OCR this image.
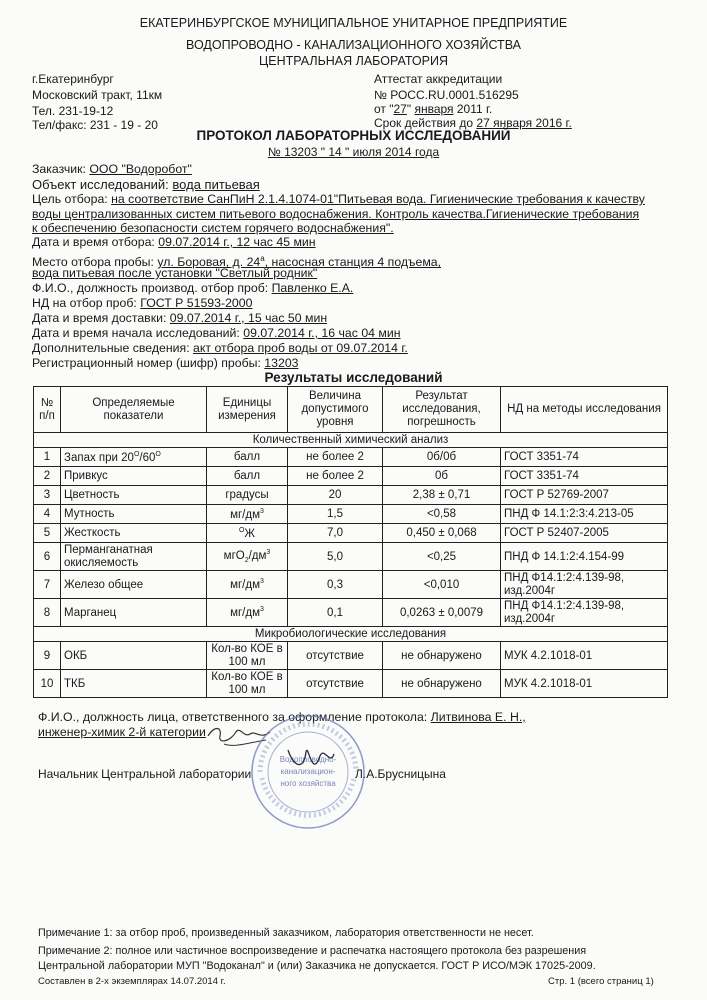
ЕКАТЕРИНБУРГСКОЕ МУНИЦИПАЛЬНОЕ УНИТАРНОЕ ПРЕДПРИЯТИЕ
ВОДОПРОВОДНО - КАНАЛИЗАЦИОННОГО ХОЗЯЙСТВА
ЦЕНТРАЛЬНАЯ ЛАБОРАТОРИЯ
г.Екатеринбург
Московский тракт, 11км
Тел. 231-19-12
Тел/факс: 231 - 19 - 20
Аттестат аккредитации
№ РОСС.RU.0001.516295
от "27" января 2011 г.
Срок действия до 27 января 2016 г.
ПРОТОКОЛ ЛАБОРАТОРНЫХ ИССЛЕДОВАНИЙ
№ 13203 " 14 " июля 2014 года
Заказчик: ООО "Водоробот"
Объект исследований: вода питьевая
Цель отбора: на соответствие СанПиН 2.1.4.1074-01"Питьевая вода. Гигиенические требования к качеству
воды централизованных систем питьевого водоснабжения. Контроль качества.Гигиенические требования
к обеспечению безопасности систем горячего водоснабжения".
Дата и время отбора: 09.07.2014 г., 12 час 45 мин
Место отбора пробы: ул. Боровая, д. $24^а$, насосная станция 4 подъема,
вода питьевая после установки "Светлый родник"
Ф.И.О., должность производ. отбор проб: Павленко Е.А.
НД на отбор проб: ГОСТ Р 51593-2000
Дата и время доставки: 09.07.2014 г., 15 час 50 мин
Дата и время начала исследований: 09.07.2014 г., 16 час 04 мин
Дополнительные сведения: акт отбора проб воды от 09.07.2014 г.
Регистрационный номер (шифр) пробы: 13203
Результаты исследований
№ п/п	Определяемые показатели	Единицы измерения	Величина допустимого уровня	Результат исследования, погрешность	НД на методы исследования
Количественный химический анализ					
1	Запах при $20^О/60^О$	балл	не более 2	0б/0б	ГОСТ 3351-74
2	Привкус	балл	не более 2	0б	ГОСТ 3351-74
3	Цветность	градусы	20	2,38 ± 0,71	ГОСТ Р 52769-2007
4	Мутность	$мг/дм^3$	1,5	<0,58	ПНД Ф 14.1:2:3:4.213-05
5	Жесткость	$^О$Ж	7,0	0,450 ± 0,068	ГОСТ Р 52407-2005
6	Перманганатная
окисляемость	$мгО_2/дм^3$	5,0	<0,25	ПНД Ф 14.1:2:4.154-99
7	Железо общее	$мг/дм^3$	0,3	<0,010	ПНД Ф14.1:2:4.139-98,
изд.2004г
8	Марганец	$мг/дм^3$	0,1	0,0263 ± 0,0079	ПНД Ф14.1:2:4.139-98,
изд.2004г
Микробиологические исследования					
9	ОКБ	Кол-во КОЕ в
100 мл	отсутствие	не обнаружено	МУК 4.2.1018-01
10	ТКБ	Кол-во КОЕ в
100 мл	отсутствие	не обнаружено	МУК 4.2.1018-01
Ф.И.О., должность лица, ответственного за оформление протокола: Литвинова Е. Н.,
инженер-химик 2-й категории
Начальник Центральной лаборатории	Л.А.Брусницына
Водопроводно-
канализацион-
ного хозяйства
Примечание 1: за отбор проб, произведенный заказчиком, лаборатория ответственности не несет.
Примечание 2: полное или частичное воспроизведение и распечатка настоящего протокола без разрешения
Центральной лаборатории МУП "Водоканал" и (или) Заказчика не допускается. ГОСТ Р ИСО/МЭК 17025-2009.
Составлен в 2-х экземплярах 14.07.2014 г.	Стр. 1 (всего страниц 1)
